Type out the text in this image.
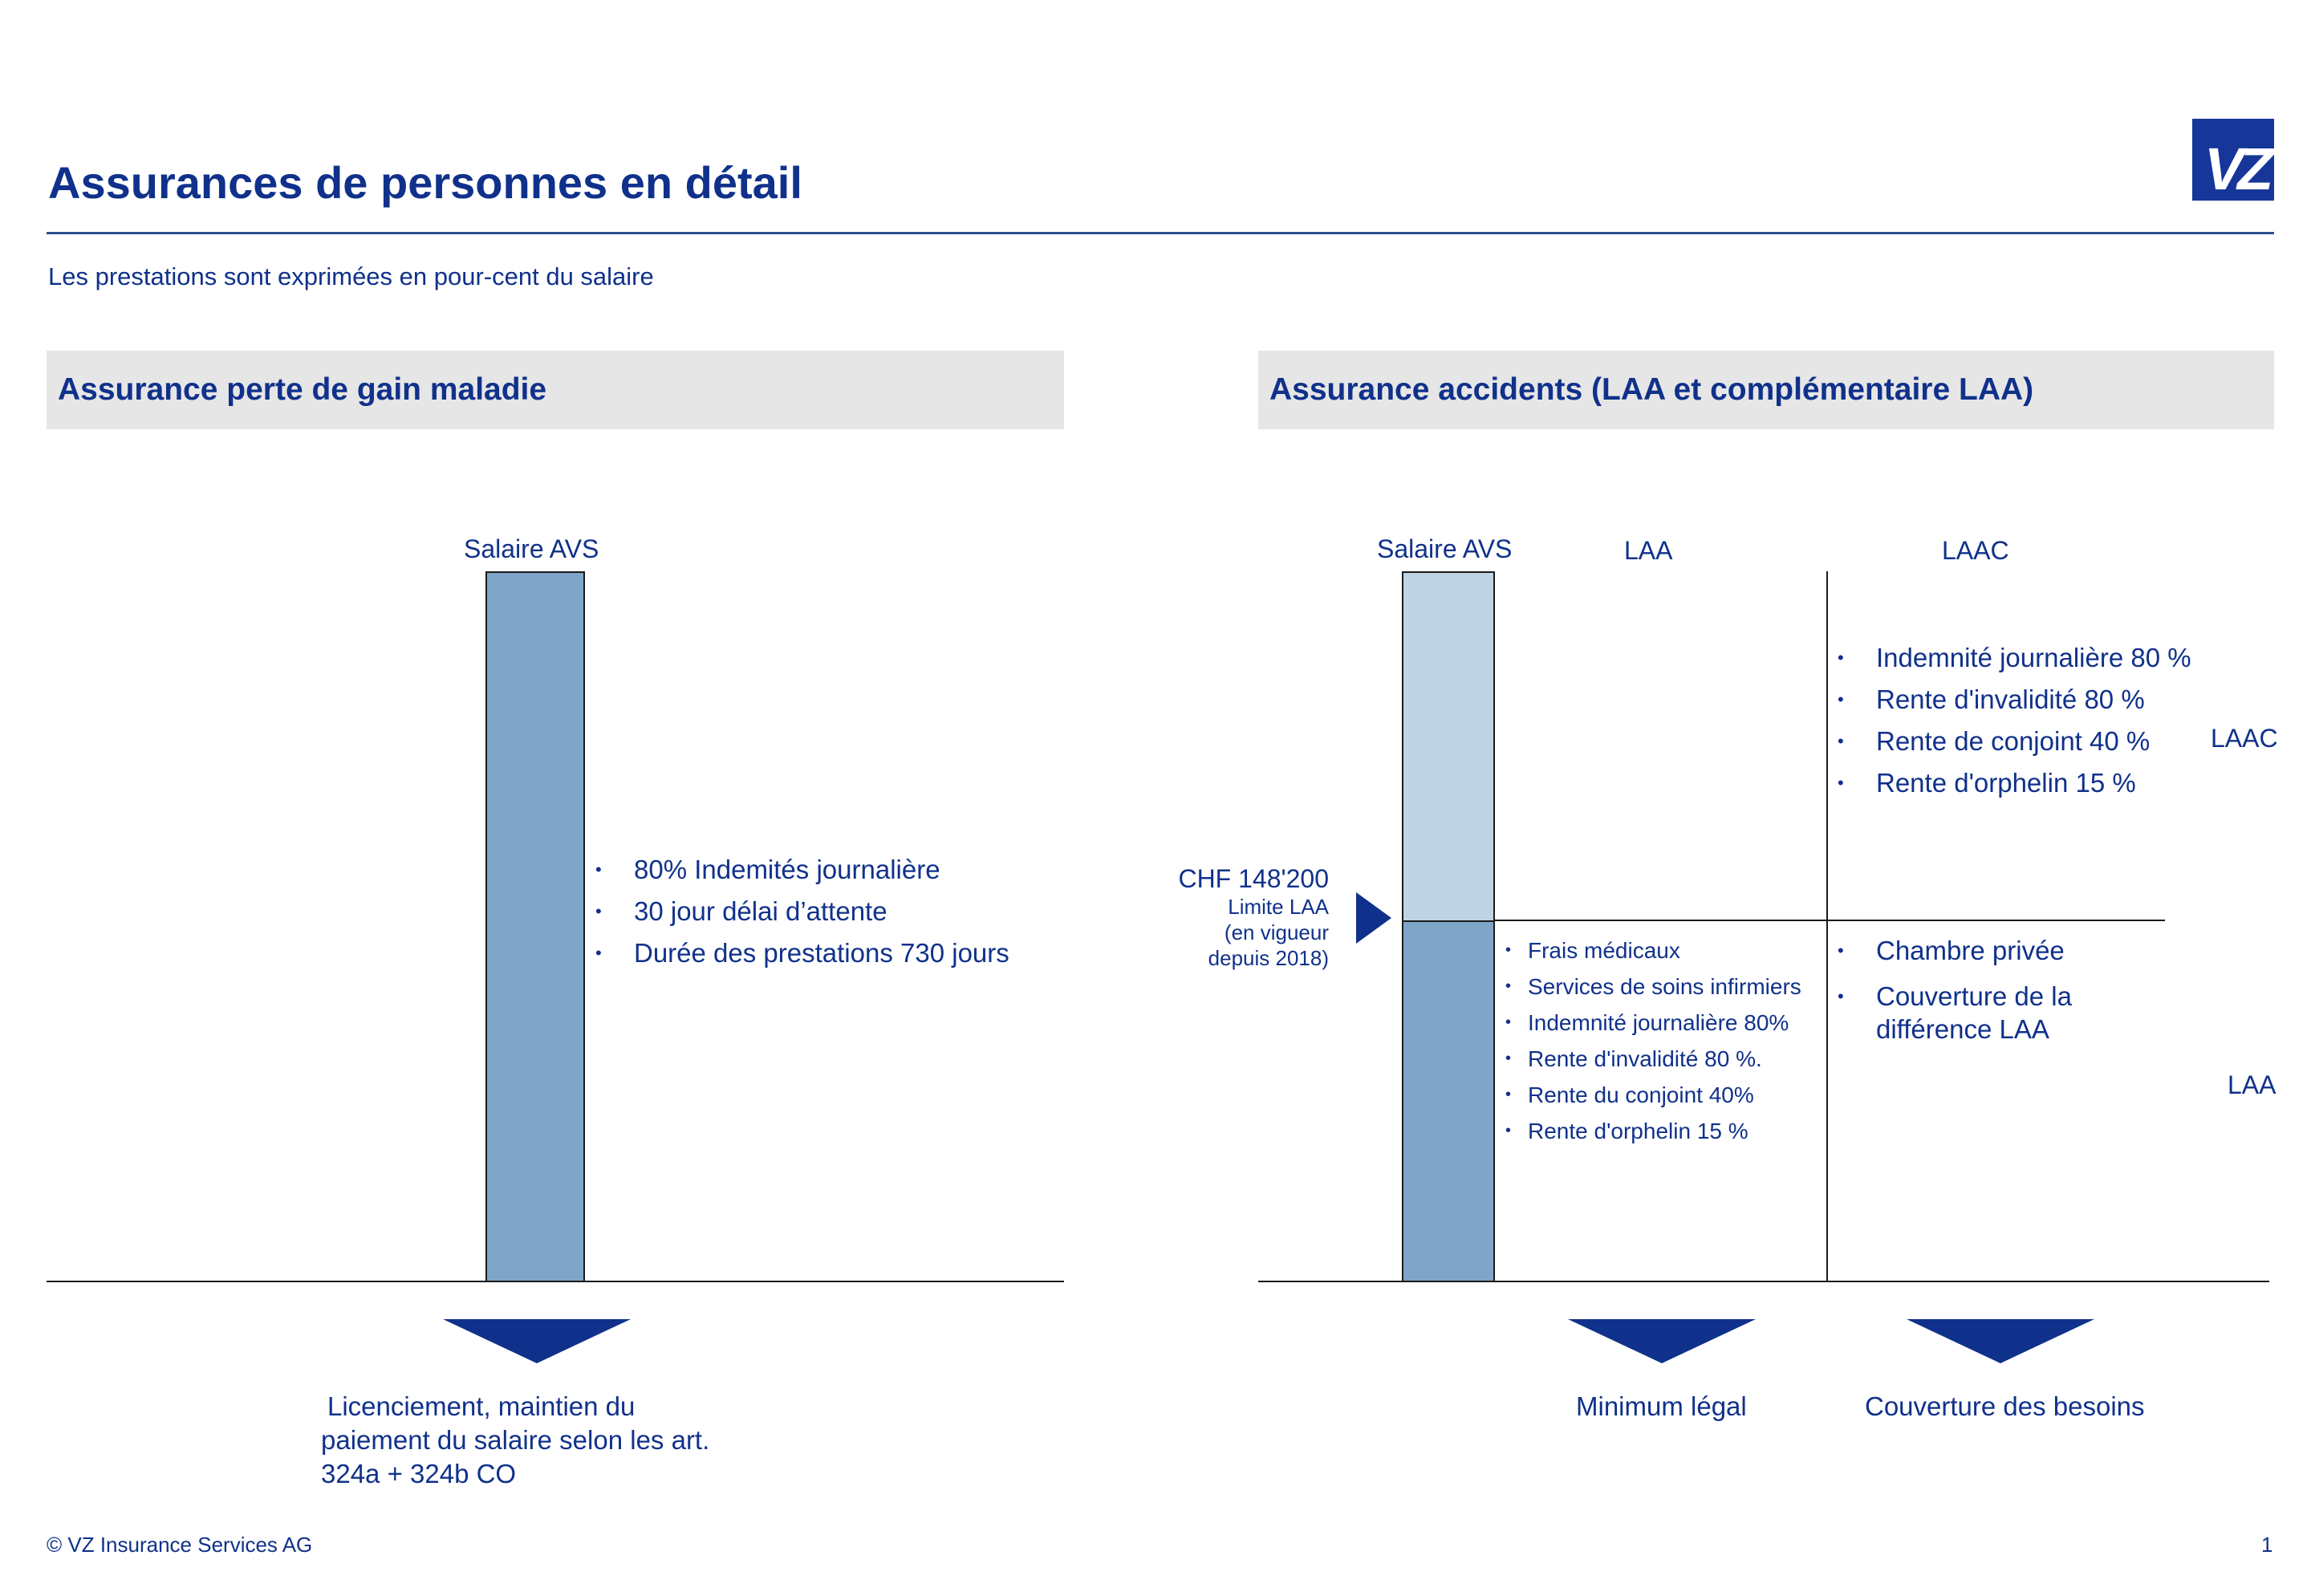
Assurances de personnes en détail	VZ
Les prestations sont exprimées en pour-cent du salaire
Assurance perte de gain maladie
Salaire AVS
• 80% Indemités journalière
• 30 jour délai d’attente
• Durée des prestations 730 jours
Licenciement, maintien du
paiement du salaire selon les art.
324a + 324b CO
Assurance accidents (LAA et complémentaire LAA)
Salaire AVS	LAA	LAAC
CHF 148'200
Limite LAA
(en vigueur
depuis 2018)
• Indemnité journalière 80 %
• Rente d'invalidité 80 %
• Rente de conjoint 40 %
• Rente d'orphelin 15 %
• Frais médicaux
• Services de soins infirmiers
• Indemnité journalière 80%
• Rente d'invalidité 80 %.
• Rente du conjoint 40%
• Rente d'orphelin 15 %
• Chambre privée
• Couverture de la différence LAA
LAAC
LAA
Minimum légal	Couverture des besoins
© VZ Insurance Services AG	1
